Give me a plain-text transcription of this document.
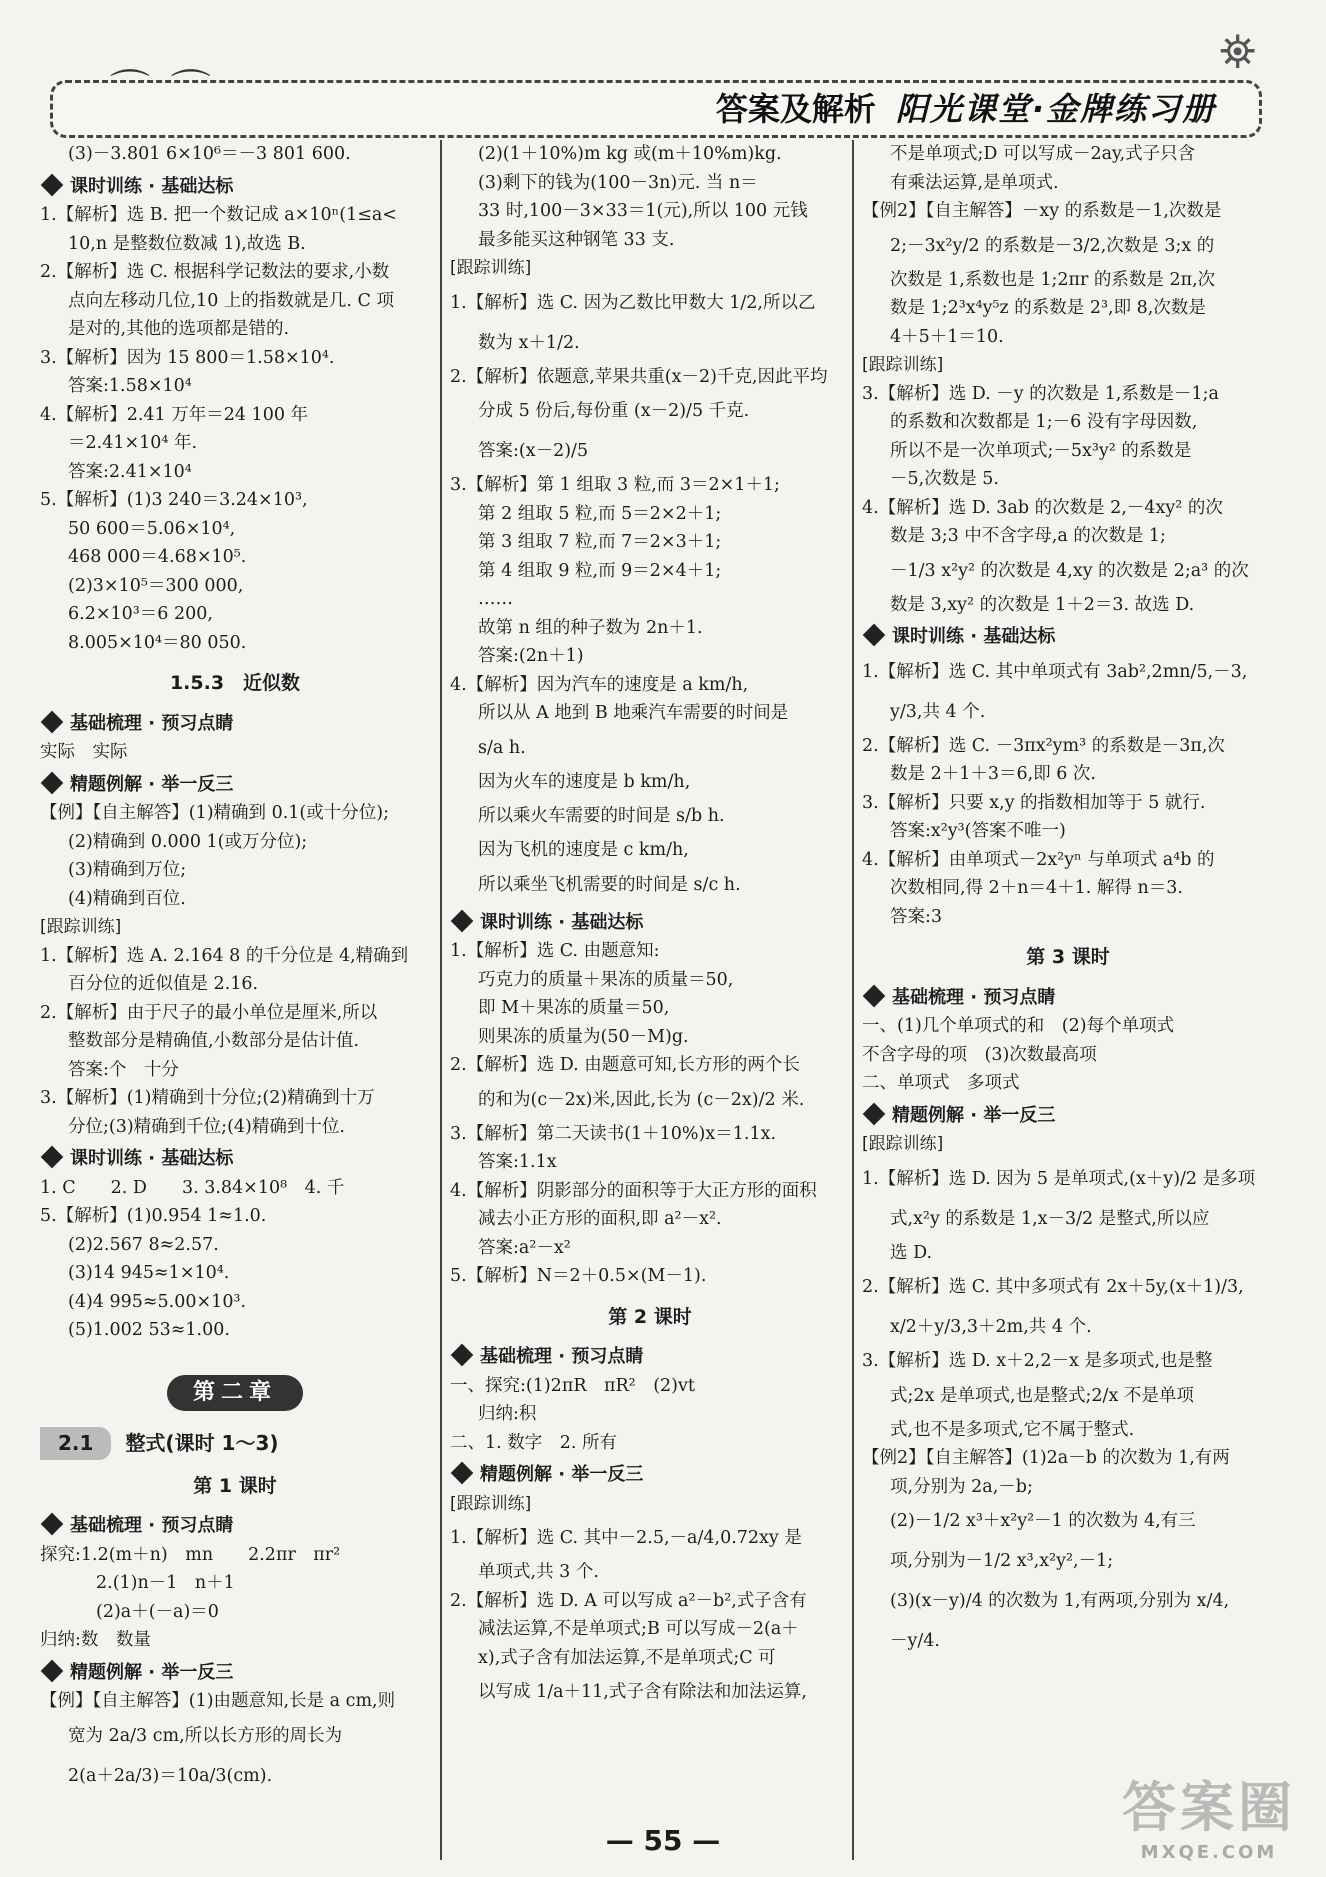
⌒ ⌒	答案及解析 阳光课堂·金牌练习册
⛯
(3)－3.801 6×10⁶＝－3 801 600.
课时训练 · 基础达标
1.【解析】选 B. 把一个数记成 a×10ⁿ(1≤a<
10,n 是整数位数减 1),故选 B.
2.【解析】选 C. 根据科学记数法的要求,小数
点向左移动几位,10 上的指数就是几. C 项
是对的,其他的选项都是错的.
3.【解析】因为 15 800＝1.58×10⁴.
答案:1.58×10⁴
4.【解析】2.41 万年＝24 100 年
＝2.41×10⁴ 年.
答案:2.41×10⁴
5.【解析】(1)3 240＝3.24×10³,
50 600＝5.06×10⁴,
468 000＝4.68×10⁵.
(2)3×10⁵＝300 000,
6.2×10³＝6 200,
8.005×10⁴＝80 050.
1.5.3　近似数
基础梳理 · 预习点睛
实际　实际
精题例解 · 举一反三
【例】【自主解答】(1)精确到 0.1(或十分位);
(2)精确到 0.000 1(或万分位);
(3)精确到万位;
(4)精确到百位.
[跟踪训练]
1.【解析】选 A. 2.164 8 的千分位是 4,精确到
百分位的近似值是 2.16.
2.【解析】由于尺子的最小单位是厘米,所以
整数部分是精确值,小数部分是估计值.
答案:个　十分
3.【解析】(1)精确到十分位;(2)精确到十万
分位;(3)精确到千位;(4)精确到十位.
课时训练 · 基础达标
1. C　　2. D　　3. 3.84×10⁸　4. 千
5.【解析】(1)0.954 1≈1.0.
(2)2.567 8≈2.57.
(3)14 945≈1×10⁴.
(4)4 995≈5.00×10³.
(5)1.002 53≈1.00.
第二章
2.1	整式(课时 1～3)
第 1 课时
基础梳理 · 预习点睛
探究:1.2(m＋n)　mn　　2.2πr　πr²
2.(1)n－1　n＋1
(2)a＋(－a)＝0
归纳:数　数量
精题例解 · 举一反三
【例】【自主解答】(1)由题意知,长是 a cm,则
宽为 2a/3 cm,所以长方形的周长为
2(a＋2a/3)＝10a/3(cm).
(2)(1＋10%)m kg 或(m＋10%m)kg.
(3)剩下的钱为(100－3n)元. 当 n＝
33 时,100－3×33＝1(元),所以 100 元钱
最多能买这种钢笔 33 支.
[跟踪训练]
1.【解析】选 C. 因为乙数比甲数大 1/2,所以乙
数为 x＋1/2.
2.【解析】依题意,苹果共重(x－2)千克,因此平均
分成 5 份后,每份重 (x－2)/5 千克.
答案:(x－2)/5
3.【解析】第 1 组取 3 粒,而 3＝2×1＋1;
第 2 组取 5 粒,而 5＝2×2＋1;
第 3 组取 7 粒,而 7＝2×3＋1;
第 4 组取 9 粒,而 9＝2×4＋1;
……
故第 n 组的种子数为 2n＋1.
答案:(2n＋1)
4.【解析】因为汽车的速度是 a km/h,
所以从 A 地到 B 地乘汽车需要的时间是
s/a h.
因为火车的速度是 b km/h,
所以乘火车需要的时间是 s/b h.
因为飞机的速度是 c km/h,
所以乘坐飞机需要的时间是 s/c h.
课时训练 · 基础达标
1.【解析】选 C. 由题意知:
巧克力的质量＋果冻的质量＝50,
即 M＋果冻的质量＝50,
则果冻的质量为(50－M)g.
2.【解析】选 D. 由题意可知,长方形的两个长
的和为(c－2x)米,因此,长为 (c－2x)/2 米.
3.【解析】第二天读书(1＋10%)x＝1.1x.
答案:1.1x
4.【解析】阴影部分的面积等于大正方形的面积
减去小正方形的面积,即 a²－x².
答案:a²－x²
5.【解析】N＝2＋0.5×(M－1).
第 2 课时
基础梳理 · 预习点睛
一、探究:(1)2πR　πR²　(2)vt
归纳:积
二、1. 数字　2. 所有
精题例解 · 举一反三
[跟踪训练]
1.【解析】选 C. 其中－2.5,－a/4,0.72xy 是
单项式,共 3 个.
2.【解析】选 D. A 可以写成 a²－b²,式子含有
减法运算,不是单项式;B 可以写成－2(a＋
x),式子含有加法运算,不是单项式;C 可
以写成 1/a＋11,式子含有除法和加法运算,
不是单项式;D 可以写成－2ay,式子只含
有乘法运算,是单项式.
【例2】【自主解答】－xy 的系数是－1,次数是
2;－3x²y/2 的系数是－3/2,次数是 3;x 的
次数是 1,系数也是 1;2πr 的系数是 2π,次
数是 1;2³x⁴y⁵z 的系数是 2³,即 8,次数是
4＋5＋1＝10.
[跟踪训练]
3.【解析】选 D. －y 的次数是 1,系数是－1;a
的系数和次数都是 1;－6 没有字母因数,
所以不是一次单项式;－5x³y² 的系数是
－5,次数是 5.
4.【解析】选 D. 3ab 的次数是 2,－4xy² 的次
数是 3;3 中不含字母,a 的次数是 1;
－1/3 x²y² 的次数是 4,xy 的次数是 2;a³ 的次
数是 3,xy² 的次数是 1＋2＝3. 故选 D.
课时训练 · 基础达标
1.【解析】选 C. 其中单项式有 3ab²,2mn/5,－3,
y/3,共 4 个.
2.【解析】选 C. －3πx²ym³ 的系数是－3π,次
数是 2＋1＋3＝6,即 6 次.
3.【解析】只要 x,y 的指数相加等于 5 就行.
答案:x²y³(答案不唯一)
4.【解析】由单项式－2x²yⁿ 与单项式 a⁴b 的
次数相同,得 2＋n＝4＋1. 解得 n＝3.
答案:3
第 3 课时
基础梳理 · 预习点睛
一、(1)几个单项式的和　(2)每个单项式
不含字母的项　(3)次数最高项
二、单项式　多项式
精题例解 · 举一反三
[跟踪训练]
1.【解析】选 D. 因为 5 是单项式,(x＋y)/2 是多项
式,x²y 的系数是 1,x－3/2 是整式,所以应
选 D.
2.【解析】选 C. 其中多项式有 2x＋5y,(x＋1)/3,
x/2＋y/3,3＋2m,共 4 个.
3.【解析】选 D. x＋2,2－x 是多项式,也是整
式;2x 是单项式,也是整式;2/x 不是单项
式,也不是多项式,它不属于整式.
【例2】【自主解答】(1)2a－b 的次数为 1,有两
项,分别为 2a,－b;
(2)－1/2 x³＋x²y²－1 的次数为 4,有三
项,分别为－1/2 x³,x²y²,－1;
(3)(x－y)/4 的次数为 1,有两项,分别为 x/4,
－y/4.
— 55 —
答案圈
MXQE.COM
